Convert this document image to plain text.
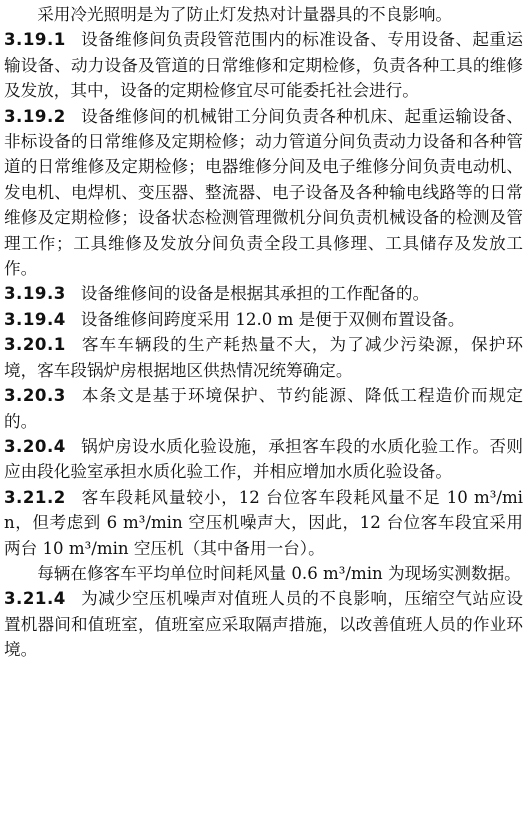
采用冷光照明是为了防止灯发热对计量器具的不良影响。

3.19.1 设备维修间负责段管范围内的标准设备、专用设备、起重运输设备、动力设备及管道的日常维修和定期检修，负责各种工具的维修及发放，其中，设备的定期检修宜尽可能委托社会进行。

3.19.2 设备维修间的机械钳工分间负责各种机床、起重运输设备、非标设备的日常维修及定期检修；动力管道分间负责动力设备和各种管道的日常维修及定期检修；电器维修分间及电子维修分间负责电动机、发电机、电焊机、变压器、整流器、电子设备及各种输电线路等的日常维修及定期检修；设备状态检测管理微机分间负责机械设备的检测及管理工作；工具维修及发放分间负责全段工具修理、工具储存及发放工作。

3.19.3 设备维修间的设备是根据其承担的工作配备的。

3.19.4 设备维修间跨度采用 12.0 m 是便于双侧布置设备。

3.20.1 客车车辆段的生产耗热量不大，为了减少污染源，保护环境，客车段锅炉房根据地区供热情况统筹确定。

3.20.3 本条文是基于环境保护、节约能源、降低工程造价而规定的。

3.20.4 锅炉房设水质化验设施，承担客车段的水质化验工作。否则应由段化验室承担水质化验工作，并相应增加水质化验设备。

3.21.2 客车段耗风量较小，12 台位客车段耗风量不足 10 m³/min，但考虑到 6 m³/min 空压机噪声大，因此，12 台位客车段宜采用两台 10 m³/min 空压机（其中备用一台）。

每辆在修客车平均单位时间耗风量 0.6 m³/min 为现场实测数据。

3.21.4 为减少空压机噪声对值班人员的不良影响，压缩空气站应设置机器间和值班室，值班室应采取隔声措施，以改善值班人员的作业环境。
